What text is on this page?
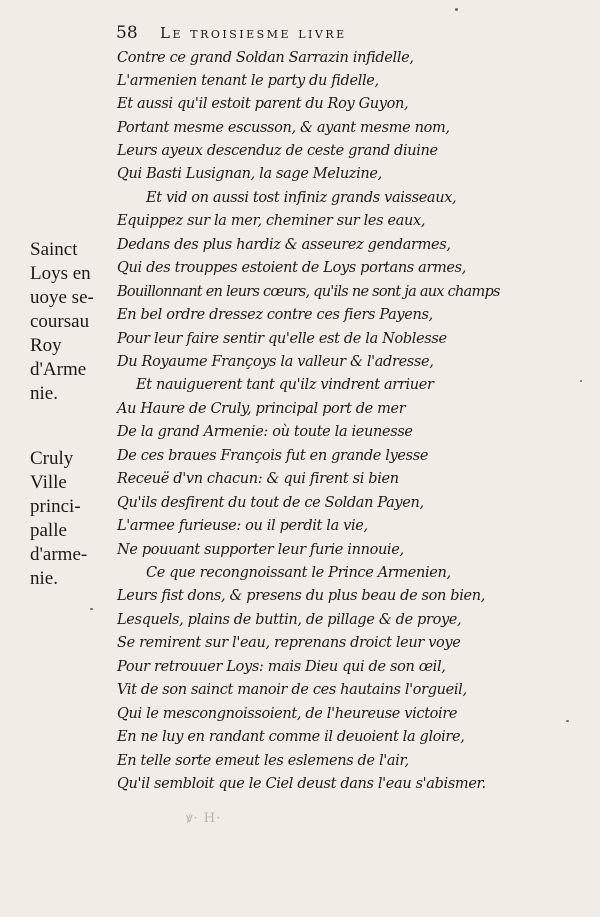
58 Le troisiesme livre
Contre ce grand Soldan Sarrazin infidelle,
L'armenien tenant le party du fidelle,
Et aussi qu'il estoit parent du Roy Guyon,
Portant mesme escusson, & ayant mesme nom,
Leurs ayeux descenduz de ceste grand diuine
Qui Basti Lusignan, la sage Meluzine,
Et vid on aussi tost infiniz grands vaisseaux,
Equippez sur la mer, cheminer sur les eaux,
Dedans des plus hardiz & asseurez gendarmes,
Qui des trouppes estoient de Loys portans armes,
Bouillonnant en leurs cœurs, qu'ils ne sont ja aux champs
En bel ordre dressez contre ces fiers Payens,
Pour leur faire sentir qu'elle est de la Noblesse
Du Royaume Françoys la valleur & l'adresse,
Et nauiguerent tant qu'ilz vindrent arriuer
Au Haure de Cruly, principal port de mer
De la grand Armenie: où toute la ieunesse
De ces braues François fut en grande lyesse
Receuë d'vn chacun: & qui firent si bien
Qu'ils desfirent du tout de ce Soldan Payen,
L'armee furieuse: ou il perdit la vie,
Ne pouuant supporter leur furie innouie,
Ce que recongnoissant le Prince Armenien,
Leurs fist dons, & presens du plus beau de son bien,
Lesquels, plains de buttin, de pillage & de proye,
Se remirent sur l'eau, reprenans droict leur voye
Pour retrouuer Loys: mais Dieu qui de son œil,
Vit de son sainct manoir de ces hautains l'orgueil,
Qui le mescongnoissoient, de l'heureuse victoire
En ne luy en randant comme il deuoient la gloire,
En telle sorte emeut les eslemens de l'air,
Qu'il sembloit que le Ciel deust dans l'eau s'abismer.
Sainct
Loys en
uoye se-
coursau
Roy
d'Arme
nie.
Cruly
Ville
princi-
palle
d'arme-
nie.
ꝟ· H·
